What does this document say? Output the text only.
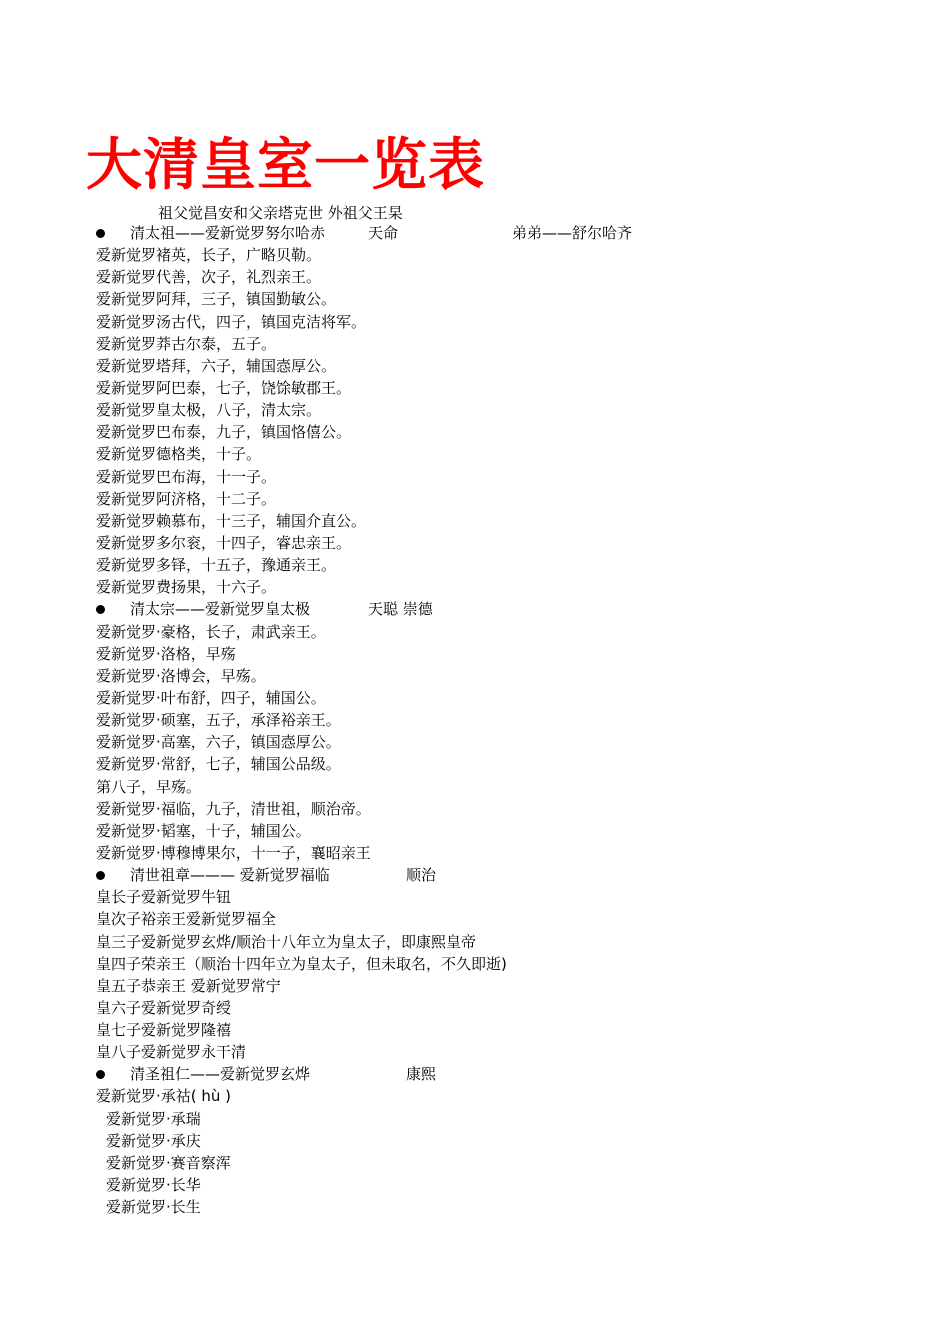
大清皇室一览表
祖父觉昌安和父亲塔克世 外祖父王杲
清太祖——爱新觉罗努尔哈赤	天命	弟弟——舒尔哈齐
爱新觉罗褚英，长子，广略贝勒。
爱新觉罗代善，次子，礼烈亲王。
爱新觉罗阿拜，三子，镇国勤敏公。
爱新觉罗汤古代，四子，镇国克洁将军。
爱新觉罗莽古尔泰，五子。
爱新觉罗塔拜，六子，辅国悫厚公。
爱新觉罗阿巴泰，七子，饶馀敏郡王。
爱新觉罗皇太极，八子，清太宗。
爱新觉罗巴布泰，九子，镇国恪僖公。
爱新觉罗德格类，十子。
爱新觉罗巴布海，十一子。
爱新觉罗阿济格，十二子。
爱新觉罗赖慕布，十三子，辅国介直公。
爱新觉罗多尔衮，十四子，睿忠亲王。
爱新觉罗多铎，十五子，豫通亲王。
爱新觉罗费扬果，十六子。
清太宗——爱新觉罗皇太极	天聪 崇德
爱新觉罗·豪格，长子，肃武亲王。
爱新觉罗·洛格，早殇
爱新觉罗·洛博会，早殇。
爱新觉罗·叶布舒，四子，辅国公。
爱新觉罗·硕塞，五子，承泽裕亲王。
爱新觉罗·高塞，六子，镇国悫厚公。
爱新觉罗·常舒，七子，辅国公品级。
第八子，早殇。
爱新觉罗·福临，九子，清世祖，顺治帝。
爱新觉罗·韬塞，十子，辅国公。
爱新觉罗·博穆博果尔，十一子，襄昭亲王
清世祖章——— 爱新觉罗福临	顺治
皇长子爱新觉罗牛钮
皇次子裕亲王爱新觉罗福全
皇三子爱新觉罗玄烨/顺治十八年立为皇太子，即康熙皇帝
皇四子荣亲王（顺治十四年立为皇太子，但未取名，不久即逝)
皇五子恭亲王 爱新觉罗常宁
皇六子爱新觉罗奇绶
皇七子爱新觉罗隆禧
皇八子爱新觉罗永干清
清圣祖仁——爱新觉罗玄烨	康熙
爱新觉罗·承祜( hù )
爱新觉罗·承瑞
爱新觉罗·承庆
爱新觉罗·赛音察浑
爱新觉罗·长华
爱新觉罗·长生
